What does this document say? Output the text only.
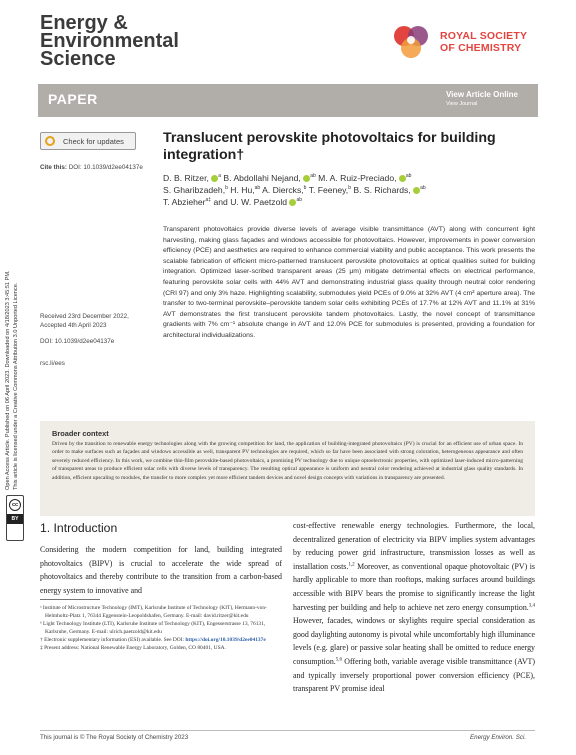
Energy &
Environmental
Science
ROYAL SOCIETY
OF CHEMISTRY
PAPER	View Article Online
View Journal
Open Access Article. Published on 06 April 2023. Downloaded on 4/18/2023 3:45:51 PM. This article is licensed under a Creative Commons Attribution 3.0 Unported Licence.
cc
BY
Check for updates
Cite this: DOI: 10.1039/d2ee04137e
Translucent perovskite photovoltaics for building integration†
D. B. Ritzer, $^a$ B. Abdollahi Nejand, $^{ab}$ M. A. Ruiz-Preciado, $^{ab}$
S. Gharibzadeh,$^b$ H. Hu,$^{ab}$ A. Diercks,$^b$ T. Feeney,$^b$ B. S. Richards, $^{ab}$
T. Abzieher$^{a\ddagger}$ and U. W. Paetzold $^{ab}$
Transparent photovoltaics provide diverse levels of average visible transmittance (AVT) along with concurrent light harvesting, making glass façades and windows accessible for photovoltaics. However, improvements in power conversion efficiency (PCE) and aesthetics are required to enhance commercial viability and public acceptance. This work presents the scalable fabrication of efficient micro-patterned translucent perovskite photovoltaics at optical qualities suited for building integration. Optimized laser-scribed transparent areas (25 μm) mitigate detrimental effects on electrical performance, featuring perovskite solar cells with 44% AVT and demonstrating industrial glass quality through neutral color rendering (CRI 97) and only 3% haze. Highlighting scalability, submodules yield PCEs of 9.0% at 32% AVT (4 cm² aperture area). The transfer to two-terminal perovskite–perovskite tandem solar cells exhibiting PCEs of 17.7% at 12% AVT and 11.1% at 31% AVT demonstrates the first translucent perovskite tandem photovoltaics. Lastly, the novel concept of transmittance gradients with 7% cm⁻¹ absolute change in AVT and 12.0% PCE for submodules is presented, providing a foundation for architectural individualizations.
Received 23rd December 2022,
Accepted 4th April 2023
DOI: 10.1039/d2ee04137e
rsc.li/ees
Broader context
Driven by the transition to renewable energy technologies along with the growing competition for land, the application of building-integrated photovoltaics (PV) is crucial for an efficient use of urban space. In order to make surfaces such as façades and windows accessible as well, transparent PV technologies are required, which so far have been associated with strong coloration, heterogeneous appearance and often severely reduced efficiency. In this work, we combine thin-film perovskite-based photovoltaics, a promising PV technology due to unique optoelectronic properties, with optimized laser-induced micro-patterning of transparent areas to produce efficient solar cells with diverse levels of transparency. The resulting optical appearance is uniform and neutral color rendering achieved at industrial glass quality standards. In addition, efficient upscaling to modules, the transfer to more complex yet more efficient tandem devices and novel design concepts with variations in transparency are presented.
1. Introduction
Considering the modern competition for land, building integrated photovoltaics (BIPV) is crucial to accelerate the wide spread of photovoltaics and thereby contribute to the transition from a carbon-based energy system to innovative and
ᵃ Institute of Microstructure Technology (IMT), Karlsruhe Institute of Technology (KIT), Hermann-von-Helmholtz-Platz 1, 76344 Eggenstein-Leopoldshafen, Germany. E-mail: david.ritzer@kit.edu
ᵇ Light Technology Institute (LTI), Karlsruhe Institute of Technology (KIT), Engesserstrasse 13, 76131, Karlsruhe, Germany. E-mail: ulrich.paetzold@kit.edu
† Electronic supplementary information (ESI) available. See DOI: https://doi.org/10.1039/d2ee04137e
‡ Present address: National Renewable Energy Laboratory, Golden, CO 80401, USA.
cost-effective renewable energy technologies. Furthermore, the local, decentralized generation of electricity via BIPV implies system advantages by reducing power grid infrastructure, transmission losses as well as installation costs.$^{1,2}$ Moreover, as conventional opaque photovoltaic (PV) is hardly applicable to more than rooftops, making surfaces around buildings accessible with BIPV bears the promise to significantly increase the light harvesting per building and help to achieve net zero energy consumption.$^{3,4}$ However, facades, windows or skylights require special consideration as good daylighting autonomy is pivotal while uncomfortably high illuminance levels (e.g. glare) or passive solar heating shall be omitted to reduce energy consumption.$^{5,6}$ Offering both, variable average visible transmittance (AVT) and typically inversely proportional power conversion efficiency (PCE), transparent PV promise ideal
This journal is © The Royal Society of Chemistry 2023	Energy Environ. Sci.
